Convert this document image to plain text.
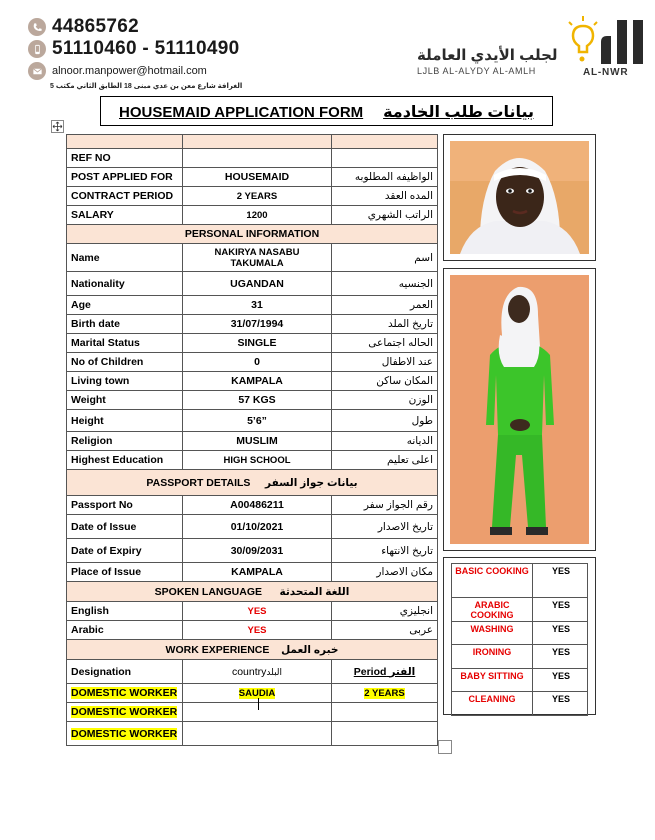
44865762
51110460 - 51110490
alnoor.manpower@hotmail.com
الغرافة شارع معن بن عدي مبنى 18 الطابق الثاني مكتب 5
لجلب الأيدي العاملة
LJLB AL-ALYDY AL-AMLH	AL-NWR
HOUSEMAID APPLICATION FORM بيانات طلب الخادمة

REF NO		
POST APPLIED FOR	HOUSEMAID	الواظيفه المطلوبه
CONTRACT PERIOD	2 YEARS	المده العقد
SALARY	1200	الراتب الشهري
PERSONAL INFORMATION		
Name	NAKIRYA NASABU TAKUMALA	اسم
Nationality	UGANDAN	الجنسيه
Age	31	العمر
Birth date	31/07/1994	تاريخ الملد
Marital Status	SINGLE	الحاله اجتماعى
No of Children	0	عند الاطفال
Living town	KAMPALA	المكان ساكن
Weight	57 KGS	الوزن
Height	5’6”	طول
Religion	MUSLIM	الديانه
Highest Education	HIGH SCHOOL	اعلى تعليم
PASSPORT DETAILS بيانات جواز السفر		
Passport No	A00486211	رقم الجواز سفر
Date of Issue	01/10/2021	تاريخ الاصدار
Date of Expiry	30/09/2031	تاريخ الانتهاء
Place of Issue	KAMPALA	مكان الاصدار
SPOKEN LANGUAGE اللغة المتحدثة		
English	YES	انجليزي
Arabic	YES	عربى
WORK EXPERIENCE خبره العمل		
Designation	countryالبلد	Period الفتر
DOMESTIC WORKER	SAUDIA	2 YEARS
DOMESTIC WORKER		
DOMESTIC WORKER		
BASIC COOKING	YES
ARABIC COOKING	YES
WASHING	YES
IRONING	YES
BABY SITTING	YES
CLEANING	YES
